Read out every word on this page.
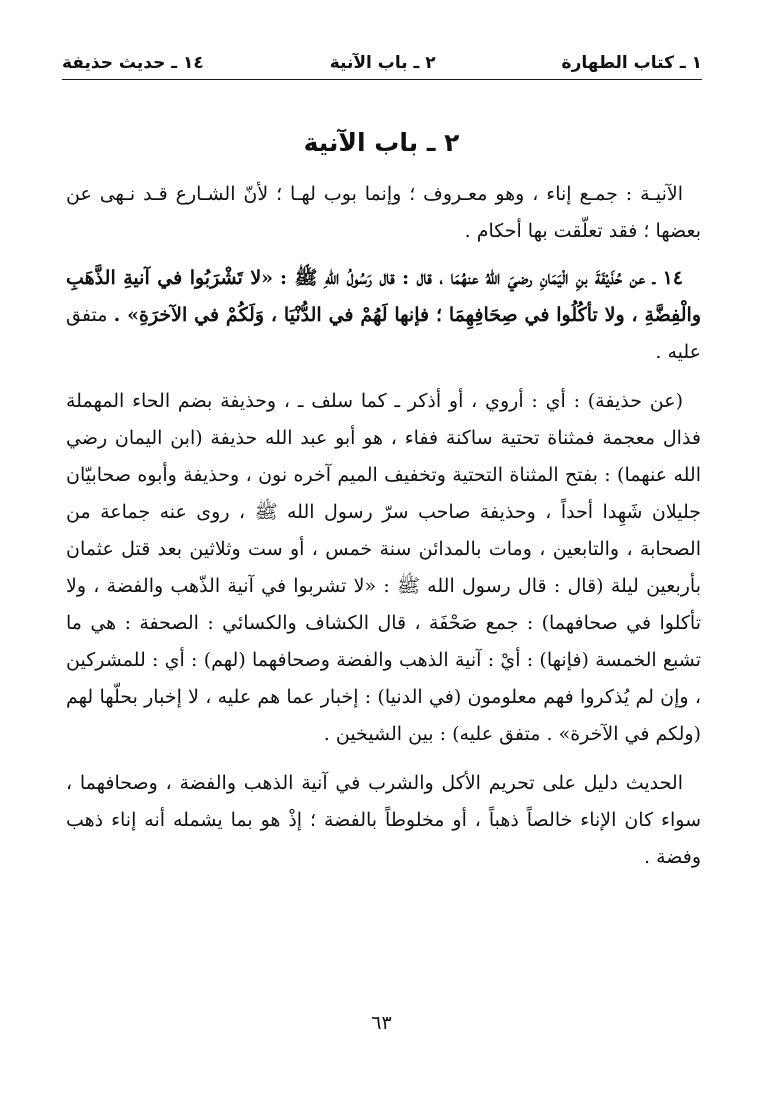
١ ـ كتاب الطهارة
٢ ـ باب الآنية
١٤ ـ حديث حذيفة
٢ ـ باب الآنية

الآنيـة : جمـع إناء ، وهو معـروف ؛ وإنما بوب لهـا ؛ لأنّ الشـارع قـد نـهى عن بعضها ؛ فقد تعلّقت بها أحكام .

١٤ ـ عن حُذَيْفَةَ بنِ الْيَمَانِ رضيَ اللهُ عنهُمَا ، قال : قال رَسُولُ اللهِ ﷺ : «لا تَشْرَبُوا في آنيةِ الذَّهَبِ والْفِضَّةِ ، ولا تأكُلُوا في صِحَافِهِمَا ؛ فإنها لَهُمْ في الدُّنْيَا ، وَلَكُمْ في الآخرَةِ» . متفق عليه .

(عن حذيفة) : أي : أروي ، أو أذكر ـ كما سلف ـ ، وحذيفة بضم الحاء المهملة فذال معجمة فمثناة تحتية ساكنة ففاء ، هو أبو عبد الله حذيفة (ابن اليمان رضي الله عنهما) : بفتح المثناة التحتية وتخفيف الميم آخره نون ، وحذيفة وأبوه صحابيّان جليلان شَهِدا أحداً ، وحذيفة صاحب سرّ رسول الله ﷺ ، روى عنه جماعة من الصحابة ، والتابعين ، ومات بالمدائن سنة خمس ، أو ست وثلاثين بعد قتل عثمان بأربعين ليلة (قال : قال رسول الله ﷺ : «لا تشربوا في آنية الذّهب والفضة ، ولا تأكلوا في صحافهما) : جمع صَحْفَة ، قال الكشاف والكسائي : الصحفة : هي ما تشبع الخمسة (فإنها) : أيْ : آنية الذهب والفضة وصحافهما (لهم) : أي : للمشركين ، وإن لم يُذكروا فهم معلومون (في الدنيا) : إخبار عما هم عليه ، لا إخبار بحلّها لهم (ولكم في الآخرة» . متفق عليه) : بين الشيخين .

الحديث دليل على تحريم الأكل والشرب في آنية الذهب والفضة ، وصحافهما ، سواء كان الإناء خالصاً ذهباً ، أو مخلوطاً بالفضة ؛ إذْ هو بما يشمله أنه إناء ذهب وفضة .

٦٣
